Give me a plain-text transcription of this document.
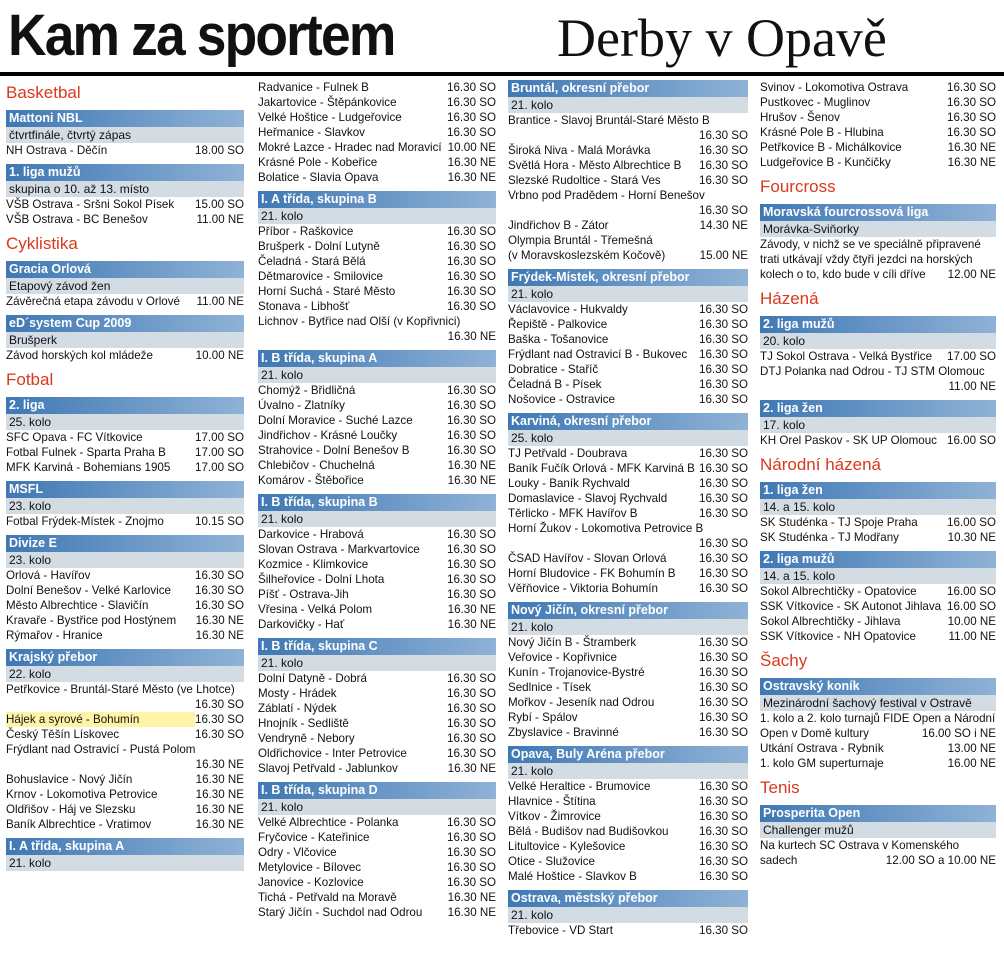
Kam za sportem	Derby v Opavě
Basketbal
Mattoni NBL
čtvrtfinále, čtvrtý zápas
NH Ostrava - Děčín	18.00 SO
1. liga mužů
skupina o 10. až 13. místo
VŠB Ostrava - Sršni Sokol Písek	15.00 SO
VŠB Ostrava - BC Benešov	11.00 NE
Cyklistika
Gracia Orlová
Etapový závod žen
Závěrečná etapa závodu v Orlové	11.00 NE
eD´system Cup 2009
Brušperk
Závod horských kol mládeže	10.00 NE
Fotbal
2. liga
25. kolo
SFC Opava - FC Vítkovice	17.00 SO
Fotbal Fulnek - Sparta Praha B	17.00 SO
MFK Karviná - Bohemians 1905	17.00 SO
MSFL
23. kolo
Fotbal Frýdek-Místek - Znojmo	10.15 SO
Divize E
23. kolo
Orlová - Havířov	16.30 SO
Dolní Benešov - Velké Karlovice	16.30 SO
Město Albrechtice - Slavičín	16.30 SO
Kravaře - Bystřice pod Hostýnem	16.30 NE
Rýmařov - Hranice	16.30 NE
Krajský přebor
22. kolo
Petřkovice - Bruntál-Staré Město (ve Lhotce)
16.30 SO
Hájek a syrové - Bohumín	16.30 SO
Český Těšín Lískovec	16.30 SO
Frýdlant nad Ostravicí - Pustá Polom
16.30 NE
Bohuslavice - Nový Jičín	16.30 NE
Krnov - Lokomotiva Petrovice	16.30 NE
Oldřišov - Háj ve Slezsku	16.30 NE
Baník Albrechtice - Vratimov	16.30 NE
I. A třída, skupina A
21. kolo
Radvanice - Fulnek B	16.30 SO
Jakartovice - Štěpánkovice	16.30 SO
Velké Hoštice - Ludgeřovice	16.30 SO
Heřmanice - Slavkov	16.30 SO
Mokré Lazce - Hradec nad Moravicí 10.00 NE
Krásné Pole - Kobeřice	16.30 NE
Bolatice - Slavia Opava	16.30 NE
I. A třída, skupina B
21. kolo
Příbor - Raškovice	16.30 SO
Brušperk - Dolní Lutyně	16.30 SO
Čeladná - Stará Bělá	16.30 SO
Dětmarovice - Smilovice	16.30 SO
Horní Suchá - Staré Město	16.30 SO
Stonava - Libhošť	16.30 SO
Lichnov - Bytřice nad Olší (v Kopřivnici)
16.30 NE
I. B třída, skupina A
21. kolo
Chomýž - Břidličná	16.30 SO
Úvalno - Zlatníky	16.30 SO
Dolní Moravice - Suché Lazce	16.30 SO
Jindřichov - Krásné Loučky	16.30 SO
Strahovice - Dolní Benešov B	16.30 SO
Chlebičov - Chuchelná	16.30 NE
Komárov - Štěbořice	16.30 NE
I. B třída, skupina B
21. kolo
Darkovice - Hrabová	16.30 SO
Slovan Ostrava - Markvartovice	16.30 SO
Kozmice - Klimkovice	16.30 SO
Šilheřovice - Dolní Lhota	16.30 SO
Píšť - Ostrava-Jih	16.30 SO
Vřesina - Velká Polom	16.30 NE
Darkovičky - Hať	16.30 NE
I. B třída, skupina C
21. kolo
Dolní Datyně - Dobrá	16.30 SO
Mosty - Hrádek	16.30 SO
Záblatí - Nýdek	16.30 SO
Hnojník - Sedliště	16.30 SO
Vendryně - Nebory	16.30 SO
Oldřichovice - Inter Petrovice	16.30 SO
Slavoj Petřvald - Jablunkov	16.30 NE
I. B třída, skupina D
21. kolo
Velké Albrechtice - Polanka	16.30 SO
Fryčovice - Kateřinice	16.30 SO
Odry - Vlčovice	16.30 SO
Metylovice - Bílovec	16.30 SO
Janovice - Kozlovice	16.30 SO
Tichá - Petřvald na Moravě	16.30 NE
Starý Jičín - Suchdol nad Odrou	16.30 NE
Bruntál, okresní přebor
21. kolo
Brantice - Slavoj Bruntál-Staré Město B
16.30 SO
Široká Niva - Malá Morávka	16.30 SO
Světlá Hora - Město Albrechtice B	16.30 SO
Slezské Rudoltice - Stará Ves	16.30 SO
Vrbno pod Pradědem - Horní Benešov
16.30 SO
Jindřichov B - Zátor	14.30 NE
Olympia Bruntál - Třemešná
(v Moravskoslezském Kočově)	15.00 NE
Frýdek-Místek, okresní přebor
21. kolo
Václavovice - Hukvaldy	16.30 SO
Řepiště - Palkovice	16.30 SO
Baška - Tošanovice	16.30 SO
Frýdlant nad Ostravicí B - Bukovec	16.30 SO
Dobratice - Staříč	16.30 SO
Čeladná B - Písek	16.30 SO
Nošovice - Ostravice	16.30 SO
Karviná, okresní přebor
25. kolo
TJ Petřvald - Doubrava	16.30 SO
Baník Fučík Orlová - MFK Karviná B 16.30 SO
Louky - Baník Rychvald	16.30 SO
Domaslavice - Slavoj Rychvald	16.30 SO
Těrlicko - MFK Havířov B	16.30 SO
Horní Žukov - Lokomotiva Petrovice B
16.30 SO
ČSAD Havířov - Slovan Orlová	16.30 SO
Horní Bludovice - FK Bohumín B	16.30 SO
Věřňovice - Viktoria Bohumín	16.30 SO
Nový Jičín, okresní přebor
21. kolo
Nový Jičín B - Štramberk	16.30 SO
Veřovice - Kopřivnice	16.30 SO
Kunín - Trojanovice-Bystré	16.30 SO
Sedlnice - Tísek	16.30 SO
Mořkov - Jeseník nad Odrou	16.30 SO
Rybí - Spálov	16.30 SO
Zbyslavice - Bravinné	16.30 SO
Opava, Buly Aréna přebor
21. kolo
Velké Heraltice - Brumovice	16.30 SO
Hlavnice - Štítina	16.30 SO
Vítkov - Žimrovice	16.30 SO
Bělá - Budišov nad Budišovkou	16.30 SO
Litultovice - Kylešovice	16.30 SO
Otice - Služovice	16.30 SO
Malé Hoštice - Slavkov B	16.30 SO
Ostrava, městský přebor
21. kolo
Třebovice - VD Start	16.30 SO
Svinov - Lokomotiva Ostrava	16.30 SO
Pustkovec - Muglinov	16.30 SO
Hrušov - Šenov	16.30 SO
Krásné Pole B - Hlubina	16.30 SO
Petřkovice B - Michálkovice	16.30 NE
Ludgeřovice B - Kunčičky	16.30 NE
Fourcross
Moravská fourcrossová liga
Morávka-Sviňorky
Závody, v nichž se ve speciálně připravené trati utkávají vždy čtyři jezdci na horských kolech o to, kdo bude v cíli dříve 12.00 NE
Házená
2. liga mužů
20. kolo
TJ Sokol Ostrava - Velká Bystřice	17.00 SO
DTJ Polanka nad Odrou - TJ STM Olomouc
11.00 NE
2. liga žen
17. kolo
KH Orel Paskov - SK UP Olomouc 16.00 SO
Národní házená
1. liga žen
14. a 15. kolo
SK Studénka - TJ Spoje Praha	16.00 SO
SK Studénka - TJ Modřany	10.30 NE
2. liga mužů
14. a 15. kolo
Sokol Albrechtičky - Opatovice	16.00 SO
SSK Vítkovice - SK Autonot Jihlava 16.00 SO
Sokol Albrechtičky - Jihlava	10.00 NE
SSK Vítkovice - NH Opatovice	11.00 NE
Šachy
Ostravský koník
Mezinárodní šachový festival v Ostravě
1. kolo a 2. kolo turnajů FIDE Open a Národní
Open v Domě kultury	16.00 SO i NE
Utkání Ostrava - Rybník	13.00 NE
1. kolo GM superturnaje	16.00 NE
Tenis
Prosperita Open
Challenger mužů
Na kurtech SC Ostrava v Komenského
sadech	12.00 SO a 10.00 NE
